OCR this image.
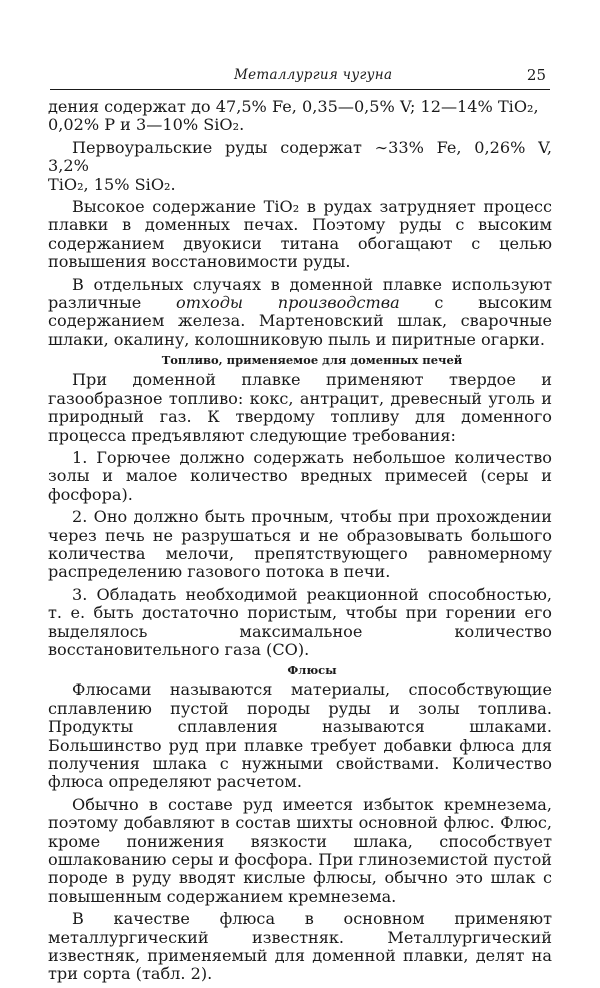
Металлургия чугуна	25

дения содержат до 47,5% Fe, 0,35—0,5% V; 12—14% TiO₂,
0,02% P и 3—10% SiO₂.

Первоуральские руды содержат ∼33% Fe, 0,26% V, 3,2%
TiO₂, 15% SiO₂.

Высокое содержание TiO₂ в рудах затрудняет процесс плавки в доменных печах. Поэтому руды с высоким содержанием двуокиси титана обогащают с целью повышения восстановимости руды.

В отдельных случаях в доменной плавке используют различные отходы производства с высоким содержанием железа. Мартеновский шлак, сварочные шлаки, окалину, колошниковую пыль и пиритные огарки.

Топливо, применяемое для доменных печей

При доменной плавке применяют твердое и газообразное топливо: кокс, антрацит, древесный уголь и природный газ. К твердому топливу для доменного процесса предъявляют следующие требования:

1. Горючее должно содержать небольшое количество золы и малое количество вредных примесей (серы и фосфора).

2. Оно должно быть прочным, чтобы при прохождении через печь не разрушаться и не образовывать большого количества мелочи, препятствующего равномерному распределению газового потока в печи.

3. Обладать необходимой реакционной способностью, т. е. быть достаточно пористым, чтобы при горении его выделялось максимальное количество восстановительного газа (CO).

Флюсы

Флюсами называются материалы, способствующие сплавлению пустой породы руды и золы топлива. Продукты сплавления называются шлаками. Большинство руд при плавке требует добавки флюса для получения шлака с нужными свойствами. Количество флюса определяют расчетом.

Обычно в составе руд имеется избыток кремнезема, поэтому добавляют в состав шихты основной флюс. Флюс, кроме понижения вязкости шлака, способствует ошлакованию серы и фосфора. При глиноземистой пустой породе в руду вводят кислые флюсы, обычно это шлак с повышенным содержанием кремнезема.

В качестве флюса в основном применяют металлургический известняк. Металлургический известняк, применяемый для доменной плавки, делят на три сорта (табл. 2).
